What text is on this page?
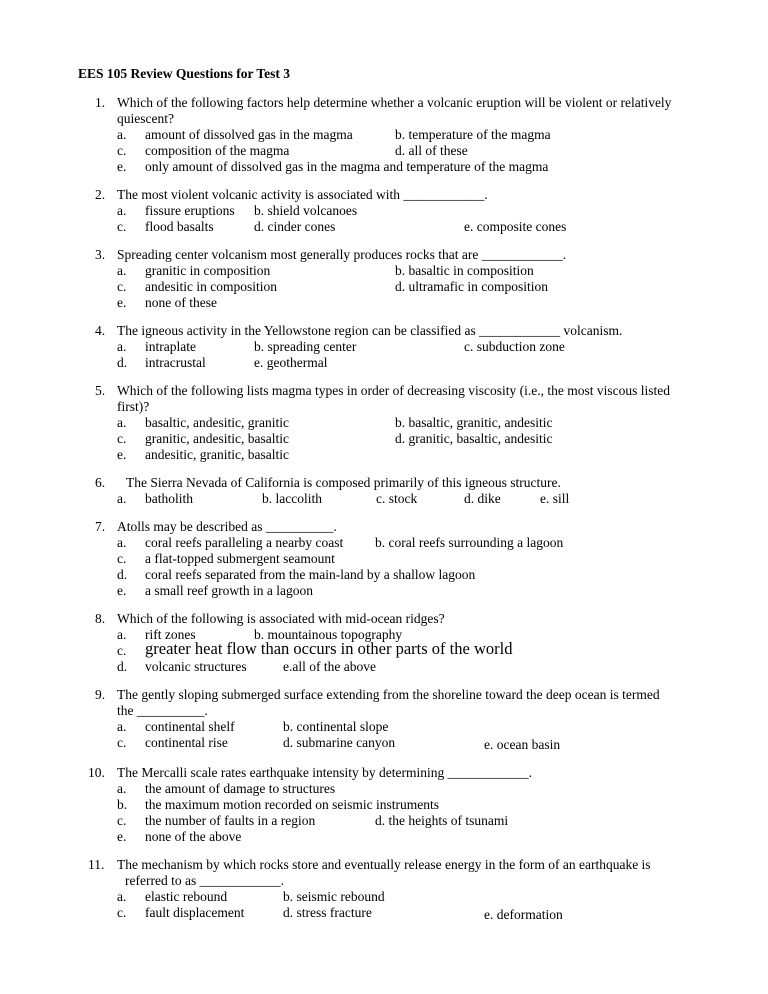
EES 105 Review Questions for Test 3
1. Which of the following factors help determine whether a volcanic eruption will be violent or relatively
quiescent?
a. amount of dissolved gas in the magma	b. temperature of the magma
c. composition of the magma	d. all of these
e. only amount of dissolved gas in the magma and temperature of the magma
2. The most violent volcanic activity is associated with ____________.
a. fissure eruptions b. shield volcanoes
c. flood basalts	d. cinder cones	e. composite cones
3. Spreading center volcanism most generally produces rocks that are ____________.
a. granitic in composition	b. basaltic in composition
c. andesitic in composition	d. ultramafic in composition
e. none of these
4. The igneous activity in the Yellowstone region can be classified as ____________ volcanism.
a. intraplate	b. spreading center	c. subduction zone
d. intracrustal	e. geothermal
5. Which of the following lists magma types in order of decreasing viscosity (i.e., the most viscous listed
first)?
a. basaltic, andesitic, granitic	b. basaltic, granitic, andesitic
c. granitic, andesitic, basaltic	d. granitic, basaltic, andesitic
e. andesitic, granitic, basaltic
6. The Sierra Nevada of California is composed primarily of this igneous structure.
a. batholith	b. laccolith	c. stock	d. dike	e. sill
7. Atolls may be described as __________.
a. coral reefs paralleling a nearby coast b. coral reefs surrounding a lagoon
c. a flat-topped submergent seamount
d. coral reefs separated from the main-land by a shallow lagoon
e. a small reef growth in a lagoon
8. Which of the following is associated with mid-ocean ridges?
a. rift zones	b. mountainous topography
c. greater heat flow than occurs in other parts of the world
d. volcanic structures	e.all of the above
9. The gently sloping submerged surface extending from the shoreline toward the deep ocean is termed
the __________.
a. continental shelf	b. continental slope
c. continental rise	d. submarine canyon	e. ocean basin
10. The Mercalli scale rates earthquake intensity by determining ____________.
a. the amount of damage to structures
b. the maximum motion recorded on seismic instruments
c. the number of faults in a region	d. the heights of tsunami
e. none of the above
11. The mechanism by which rocks store and eventually release energy in the form of an earthquake is
referred to as ____________.
a. elastic rebound	b. seismic rebound
c. fault displacement	d. stress fracture	e. deformation
